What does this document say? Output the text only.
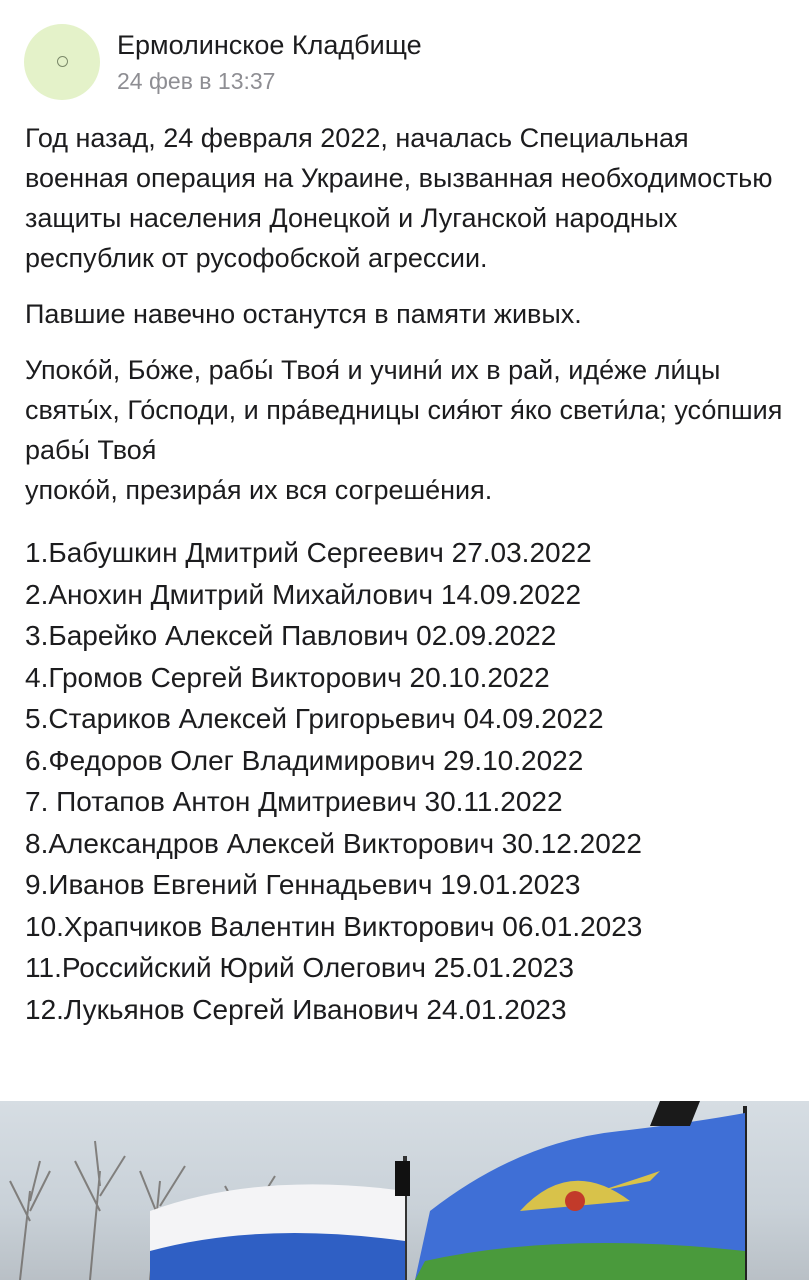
Ермолинское Кладбище
24 фев в 13:37

Год назад, 24 февраля 2022, началась Специальная военная операция на Украине, вызванная необходимостью защиты населения Донецкой и Луганской народных республик от русофобской агрессии.

Павшие навечно останутся в памяти живых.

Упоко́й, Бо́же, рабы́ Твоя́ и учини́ их в рай, иде́же ли́цы святы́х, Го́споди, и пра́ведницы сия́ют я́ко свети́ла; усо́пшия рабы́ Твоя́
упоко́й, презира́я их вся согреше́ния.

1.Бабушкин Дмитрий Сергеевич 27.03.2022
2.Анохин Дмитрий Михайлович 14.09.2022
3.Барейко Алексей Павлович 02.09.2022
4.Громов Сергей Викторович 20.10.2022
5.Стариков Алексей Григорьевич 04.09.2022
6.Федоров Олег Владимирович 29.10.2022
7. Потапов Антон Дмитриевич 30.11.2022
8.Александров Алексей Викторович 30.12.2022
9.Иванов Евгений Геннадьевич 19.01.2023
10.Храпчиков Валентин Викторович 06.01.2023
11.Российский Юрий Олегович 25.01.2023
12.Лукьянов Сергей Иванович 24.01.2023
